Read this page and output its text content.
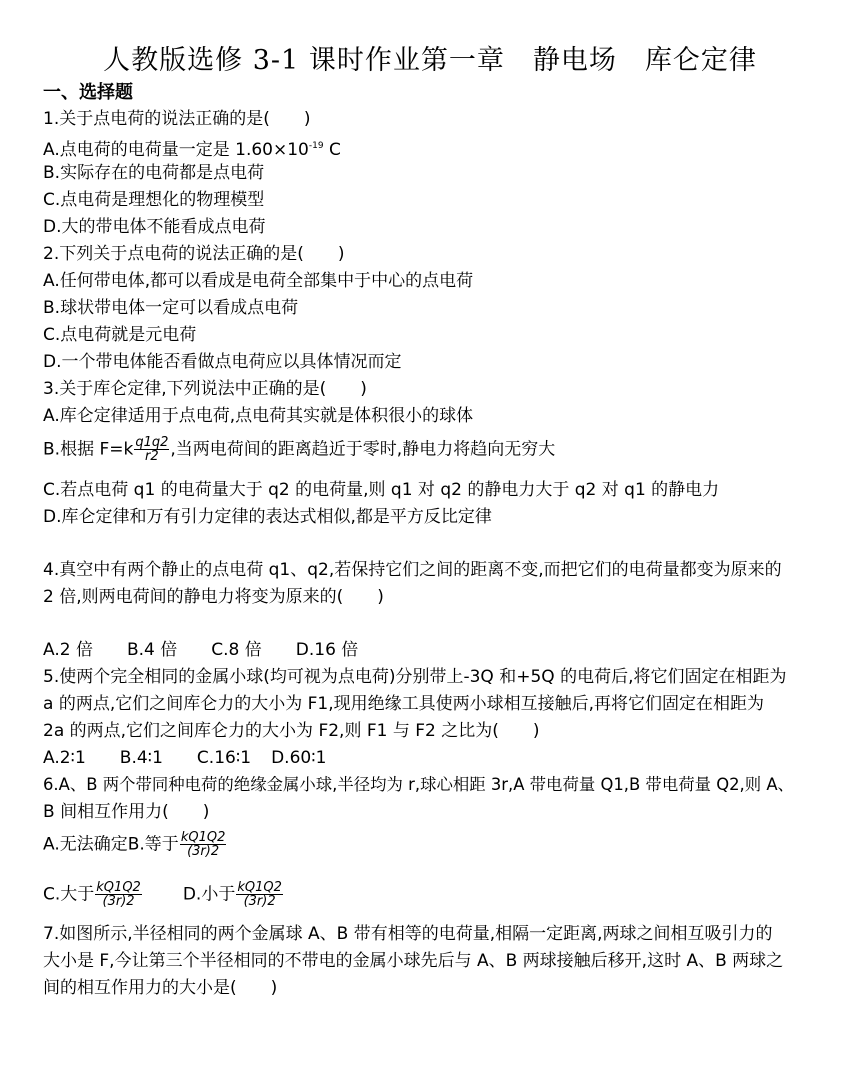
人教版选修 3-1 课时作业第一章　静电场　库仑定律
一、选择题
1.关于点电荷的说法正确的是(　　)
A.点电荷的电荷量一定是 $1.60\times 10^{-19}$ C
B.实际存在的电荷都是点电荷
C.点电荷是理想化的物理模型
D.大的带电体不能看成点电荷
2.下列关于点电荷的说法正确的是(　　)
A.任何带电体,都可以看成是电荷全部集中于中心的点电荷
B.球状带电体一定可以看成点电荷
C.点电荷就是元电荷
D.一个带电体能否看做点电荷应以具体情况而定
3.关于库仑定律,下列说法中正确的是(　　)
A.库仑定律适用于点电荷,点电荷其实就是体积很小的球体
B.根据 $F=k \frac{q1q2}{r2}$ ,当两电荷间的距离趋近于零时,静电力将趋向无穷大
C.若点电荷 q1 的电荷量大于 q2 的电荷量,则 q1 对 q2 的静电力大于 q2 对 q1 的静电力
D.库仑定律和万有引力定律的表达式相似,都是平方反比定律
4.真空中有两个静止的点电荷 q1、q2,若保持它们之间的距离不变,而把它们的电荷量都变为原来的
2 倍,则两电荷间的静电力将变为原来的(　　)
A.2 倍 B.4 倍 C.8 倍 D.16 倍
5.使两个完全相同的金属小球(均可视为点电荷)分别带上-3Q 和+5Q 的电荷后,将它们固定在相距为
a 的两点,它们之间库仑力的大小为 F1,现用绝缘工具使两小球相互接触后,再将它们固定在相距为
2a 的两点,它们之间库仑力的大小为 F2,则 F1 与 F2 之比为(　　)
A.2∶1 B.4∶1 C.16∶1 D.60∶1
6.A、B 两个带同种电荷的绝缘金属小球,半径均为 r,球心相距 3r,A 带电荷量 Q1,B 带电荷量 Q2,则 A、
B 间相互作用力(　　)
A.无法确定B.等于 $\frac{kQ1Q2}{(3r)2}$
C.大于 $\frac{kQ1Q2}{(3r)2} D$.小于 $\frac{kQ1Q2}{(3r)2}$
7.如图所示,半径相同的两个金属球 A、B 带有相等的电荷量,相隔一定距离,两球之间相互吸引力的
大小是 F,今让第三个半径相同的不带电的金属小球先后与 A、B 两球接触后移开,这时 A、B 两球之
间的相互作用力的大小是(　　)
